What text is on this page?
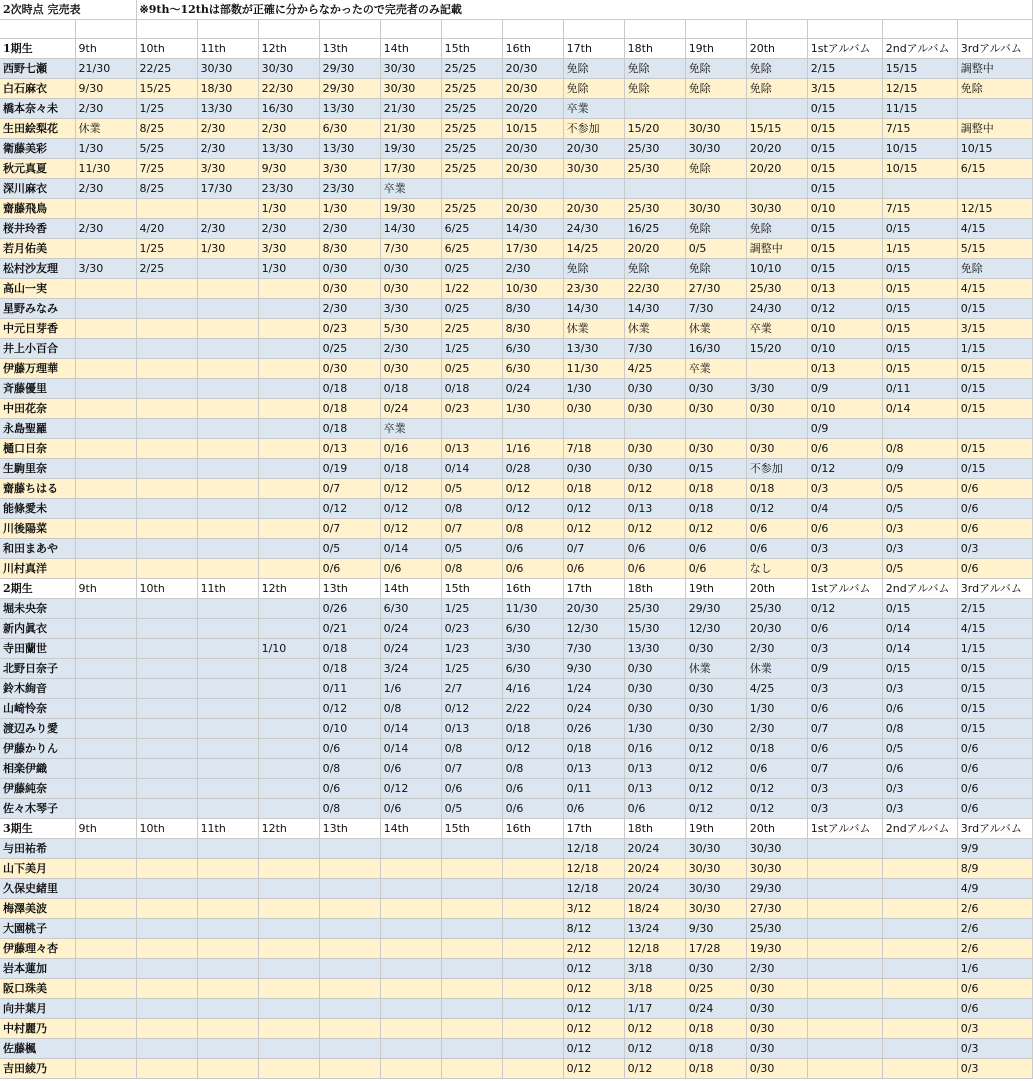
2次時点 完売表		※9th～12thは部数が正確に分からなかったので完売者のみ記載													

1期生	9th	10th	11th	12th	13th	14th	15th	16th	17th	18th	19th	20th	1stアルバム	2ndアルバム	3rdアルバム
西野七瀬	21/30	22/25	30/30	30/30	29/30	30/30	25/25	20/30	免除	免除	免除	免除	2/15	15/15	調整中
白石麻衣	9/30	15/25	18/30	22/30	29/30	30/30	25/25	20/30	免除	免除	免除	免除	3/15	12/15	免除
橋本奈々未	2/30	1/25	13/30	16/30	13/30	21/30	25/25	20/20	卒業				0/15	11/15	
生田絵梨花	休業	8/25	2/30	2/30	6/30	21/30	25/25	10/15	不参加	15/20	30/30	15/15	0/15	7/15	調整中
衛藤美彩	1/30	5/25	2/30	13/30	13/30	19/30	25/25	20/30	20/30	25/30	30/30	20/20	0/15	10/15	10/15
秋元真夏	11/30	7/25	3/30	9/30	3/30	17/30	25/25	20/30	30/30	25/30	免除	20/20	0/15	10/15	6/15
深川麻衣	2/30	8/25	17/30	23/30	23/30	卒業							0/15		
齋藤飛鳥				1/30	1/30	19/30	25/25	20/30	20/30	25/30	30/30	30/30	0/10	7/15	12/15
桜井玲香	2/30	4/20	2/30	2/30	2/30	14/30	6/25	14/30	24/30	16/25	免除	免除	0/15	0/15	4/15
若月佑美		1/25	1/30	3/30	8/30	7/30	6/25	17/30	14/25	20/20	0/5	調整中	0/15	1/15	5/15
松村沙友理	3/30	2/25		1/30	0/30	0/30	0/25	2/30	免除	免除	免除	10/10	0/15	0/15	免除
高山一実					0/30	0/30	1/22	10/30	23/30	22/30	27/30	25/30	0/13	0/15	4/15
星野みなみ					2/30	3/30	0/25	8/30	14/30	14/30	7/30	24/30	0/12	0/15	0/15
中元日芽香					0/23	5/30	2/25	8/30	休業	休業	休業	卒業	0/10	0/15	3/15
井上小百合					0/25	2/30	1/25	6/30	13/30	7/30	16/30	15/20	0/10	0/15	1/15
伊藤万理華					0/30	0/30	0/25	6/30	11/30	4/25	卒業		0/13	0/15	0/15
斉藤優里					0/18	0/18	0/18	0/24	1/30	0/30	0/30	3/30	0/9	0/11	0/15
中田花奈					0/18	0/24	0/23	1/30	0/30	0/30	0/30	0/30	0/10	0/14	0/15
永島聖羅					0/18	卒業							0/9		
樋口日奈					0/13	0/16	0/13	1/16	7/18	0/30	0/30	0/30	0/6	0/8	0/15
生駒里奈					0/19	0/18	0/14	0/28	0/30	0/30	0/15	不参加	0/12	0/9	0/15
齋藤ちはる					0/7	0/12	0/5	0/12	0/18	0/12	0/18	0/18	0/3	0/5	0/6
能條愛未					0/12	0/12	0/8	0/12	0/12	0/13	0/18	0/12	0/4	0/5	0/6
川後陽菜					0/7	0/12	0/7	0/8	0/12	0/12	0/12	0/6	0/6	0/3	0/6
和田まあや					0/5	0/14	0/5	0/6	0/7	0/6	0/6	0/6	0/3	0/3	0/3
川村真洋					0/6	0/6	0/8	0/6	0/6	0/6	0/6	なし	0/3	0/5	0/6
2期生	9th	10th	11th	12th	13th	14th	15th	16th	17th	18th	19th	20th	1stアルバム	2ndアルバム	3rdアルバム
堀未央奈					0/26	6/30	1/25	11/30	20/30	25/30	29/30	25/30	0/12	0/15	2/15
新内眞衣					0/21	0/24	0/23	6/30	12/30	15/30	12/30	20/30	0/6	0/14	4/15
寺田蘭世				1/10	0/18	0/24	1/23	3/30	7/30	13/30	0/30	2/30	0/3	0/14	1/15
北野日奈子					0/18	3/24	1/25	6/30	9/30	0/30	休業	休業	0/9	0/15	0/15
鈴木絢音					0/11	1/6	2/7	4/16	1/24	0/30	0/30	4/25	0/3	0/3	0/15
山崎怜奈					0/12	0/8	0/12	2/22	0/24	0/30	0/30	1/30	0/6	0/6	0/15
渡辺みり愛					0/10	0/14	0/13	0/18	0/26	1/30	0/30	2/30	0/7	0/8	0/15
伊藤かりん					0/6	0/14	0/8	0/12	0/18	0/16	0/12	0/18	0/6	0/5	0/6
相楽伊織					0/8	0/6	0/7	0/8	0/13	0/13	0/12	0/6	0/7	0/6	0/6
伊藤純奈					0/6	0/12	0/6	0/6	0/11	0/13	0/12	0/12	0/3	0/3	0/6
佐々木琴子					0/8	0/6	0/5	0/6	0/6	0/6	0/12	0/12	0/3	0/3	0/6
3期生	9th	10th	11th	12th	13th	14th	15th	16th	17th	18th	19th	20th	1stアルバム	2ndアルバム	3rdアルバム
与田祐希									12/18	20/24	30/30	30/30			9/9
山下美月									12/18	20/24	30/30	30/30			8/9
久保史緒里									12/18	20/24	30/30	29/30			4/9
梅澤美波									3/12	18/24	30/30	27/30			2/6
大園桃子									8/12	13/24	9/30	25/30			2/6
伊藤理々杏									2/12	12/18	17/28	19/30			2/6
岩本蓮加									0/12	3/18	0/30	2/30			1/6
阪口珠美									0/12	3/18	0/25	0/30			0/6
向井葉月									0/12	1/17	0/24	0/30			0/6
中村麗乃									0/12	0/12	0/18	0/30			0/3
佐藤楓									0/12	0/12	0/18	0/30			0/3
吉田綾乃									0/12	0/12	0/18	0/30			0/3
